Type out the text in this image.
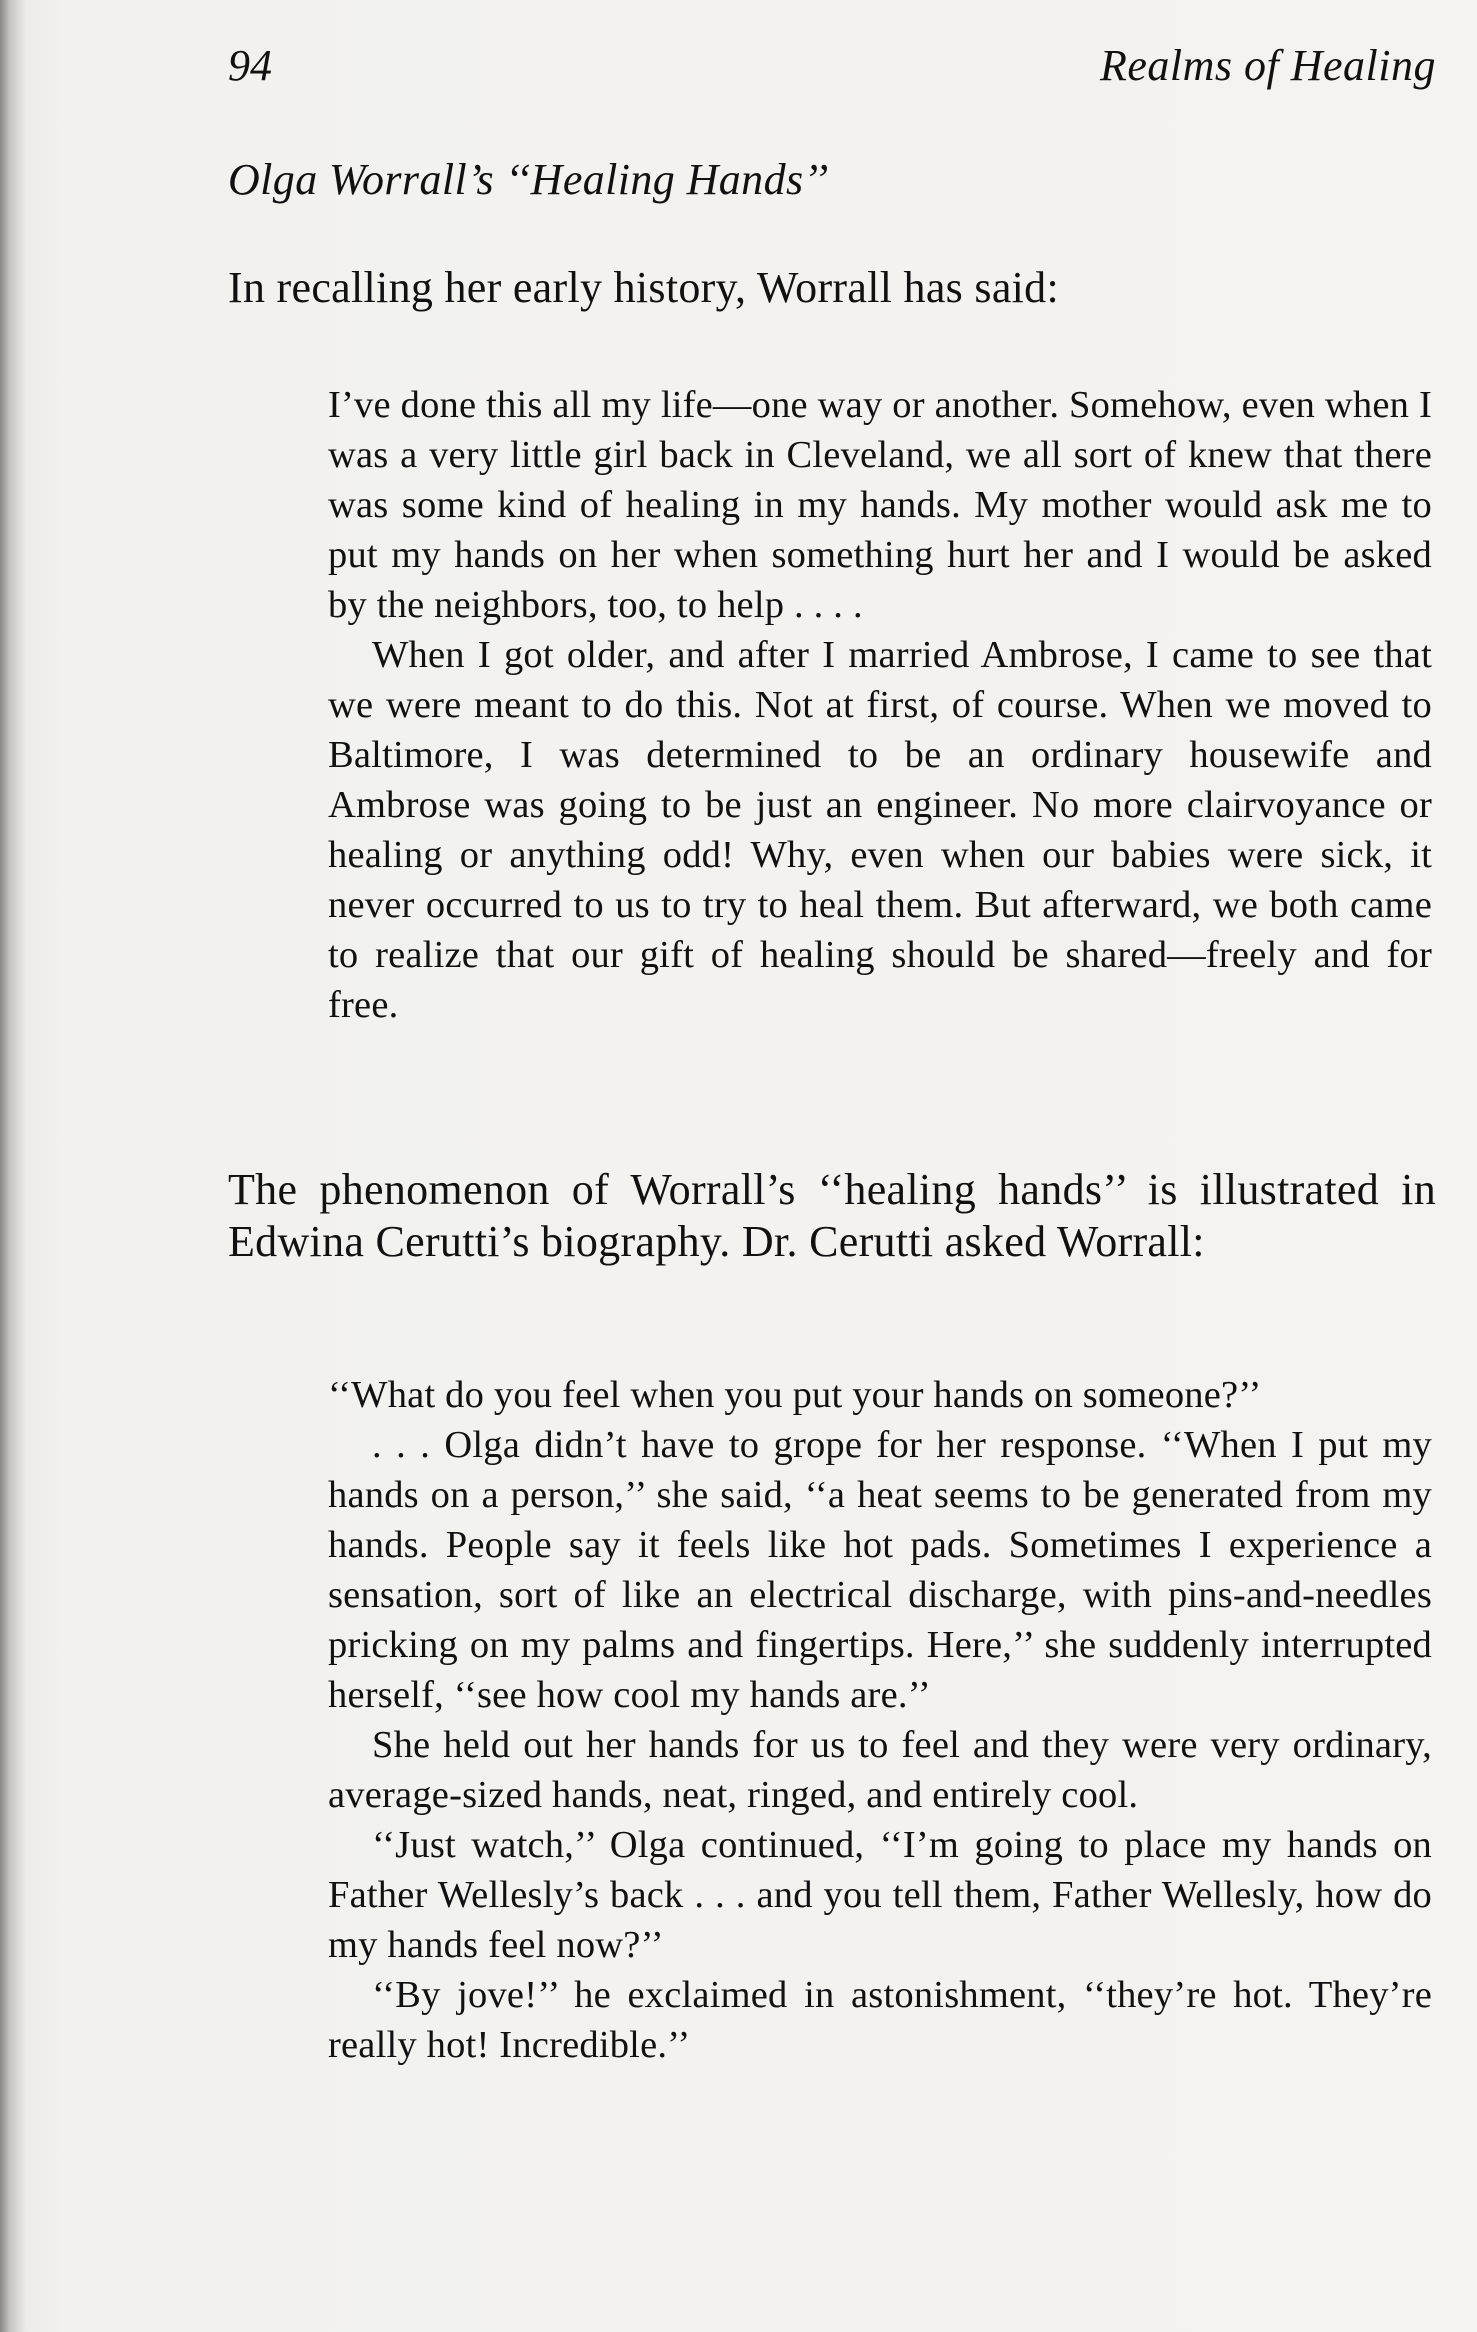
94	Realms of Healing
Olga Worrall’s ‘‘Healing Hands’’
In recalling her early history, Worrall has said:

I’ve done this all my life—one way or another. Somehow, even when I was a very little girl back in Cleveland, we all sort of knew that there was some kind of healing in my hands. My mother would ask me to put my hands on her when something hurt her and I would be asked by the neighbors, too, to help . . . .

When I got older, and after I married Ambrose, I came to see that we were meant to do this. Not at first, of course. When we moved to Baltimore, I was determined to be an ordinary housewife and Ambrose was going to be just an engineer. No more clairvoyance or healing or anything odd! Why, even when our babies were sick, it never occurred to us to try to heal them. But afterward, we both came to realize that our gift of healing should be shared—freely and for free.

The phenomenon of Worrall’s ‘‘healing hands’’ is illustrated in Edwina Cerutti’s biography. Dr. Cerutti asked Worrall:

‘‘What do you feel when you put your hands on someone?’’

. . . Olga didn’t have to grope for her response. ‘‘When I put my hands on a person,’’ she said, ‘‘a heat seems to be generated from my hands. People say it feels like hot pads. Sometimes I experience a sensation, sort of like an electrical discharge, with pins-and-needles pricking on my palms and fingertips. Here,’’ she suddenly interrupted herself, ‘‘see how cool my hands are.’’

She held out her hands for us to feel and they were very ordinary, average-sized hands, neat, ringed, and entirely cool.

‘‘Just watch,’’ Olga continued, ‘‘I’m going to place my hands on Father Wellesly’s back . . . and you tell them, Father Wellesly, how do my hands feel now?’’

‘‘By jove!’’ he exclaimed in astonishment, ‘‘they’re hot. They’re really hot! Incredible.’’
